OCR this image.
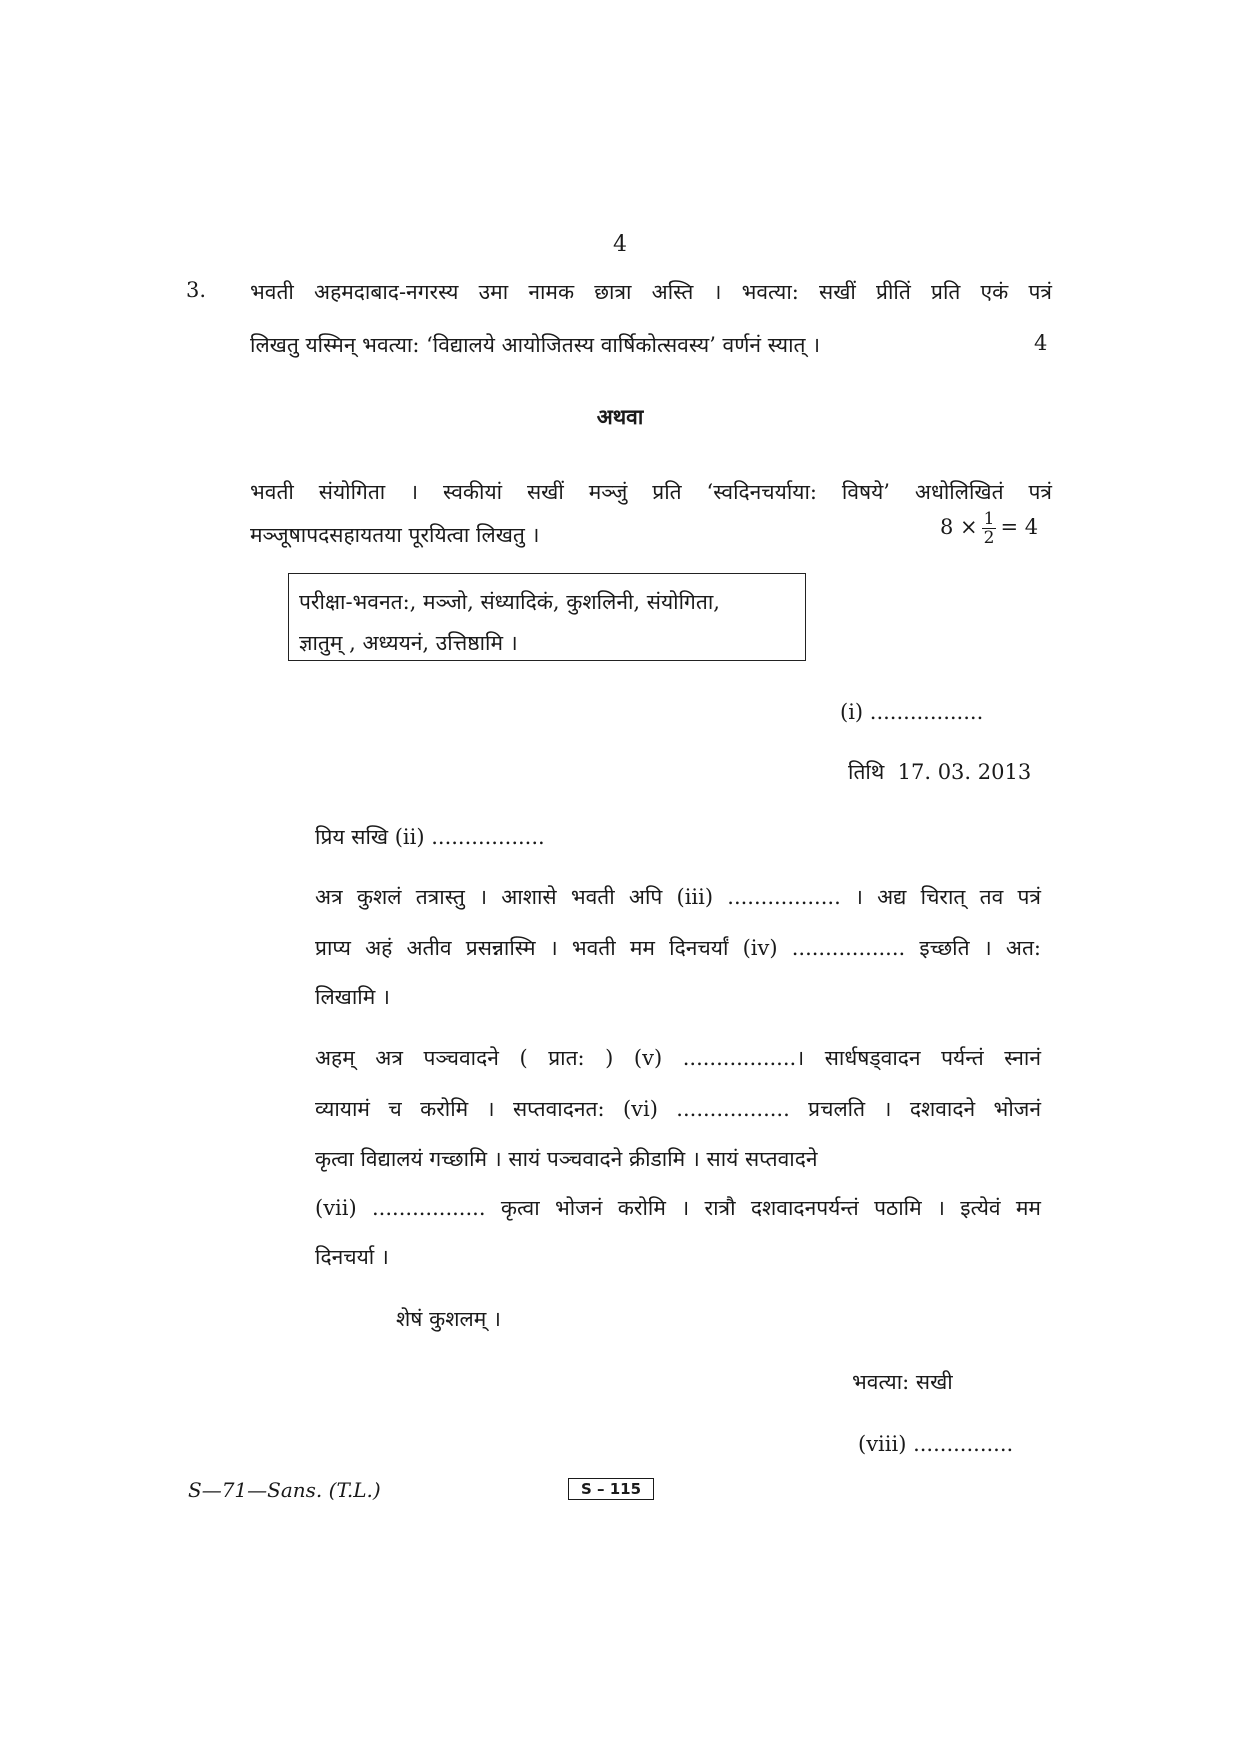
4
3. भवती अहमदाबाद-नगरस्य उमा नामक छात्रा अस्ति । भवत्या: सखीं प्रीतिं प्रति एकं पत्रं
लिखतु यस्मिन् भवत्या: ‘विद्यालये आयोजितस्य वार्षिकोत्सवस्य’ वर्णनं स्यात् ।	4
अथवा
भवती संयोगिता । स्वकीयां सखीं मञ्जुं प्रति ‘स्वदिनचर्याया: विषये’ अधोलिखितं पत्रं
मञ्जूषापदसहायतया पूरयित्वा लिखतु ।	$8 \times \frac{1}{2} = 4$
परीक्षा-भवनत:, मञ्जो, संध्यादिकं, कुशलिनी, संयोगिता,
ज्ञातुम् , अध्ययनं, उत्तिष्ठामि ।
(i) .................
तिथि  17. 03. 2013
प्रिय सखि (ii) .................
अत्र कुशलं तत्रास्तु । आशासे भवती अपि (iii) ................. । अद्य चिरात् तव पत्रं
प्राप्य अहं अतीव प्रसन्नास्मि । भवती मम दिनचर्यां (iv) ................. इच्छति । अत:
लिखामि ।
अहम् अत्र पञ्चवादने ( प्रात: ) (v) .................। सार्धषड्वादन पर्यन्तं स्नानं
व्यायामं च करोमि । सप्तवादनत: (vi) ................. प्रचलति । दशवादने भोजनं
कृत्वा विद्यालयं गच्छामि । सायं पञ्चवादने क्रीडामि । सायं सप्तवादने
(vii) ................. कृत्वा भोजनं करोमि । रात्रौ दशवादनपर्यन्तं पठामि । इत्येवं मम
दिनचर्या ।
शेषं कुशलम् ।
भवत्या: सखी
(viii) ...............
S—71—Sans. (T.L.)	S – 115
